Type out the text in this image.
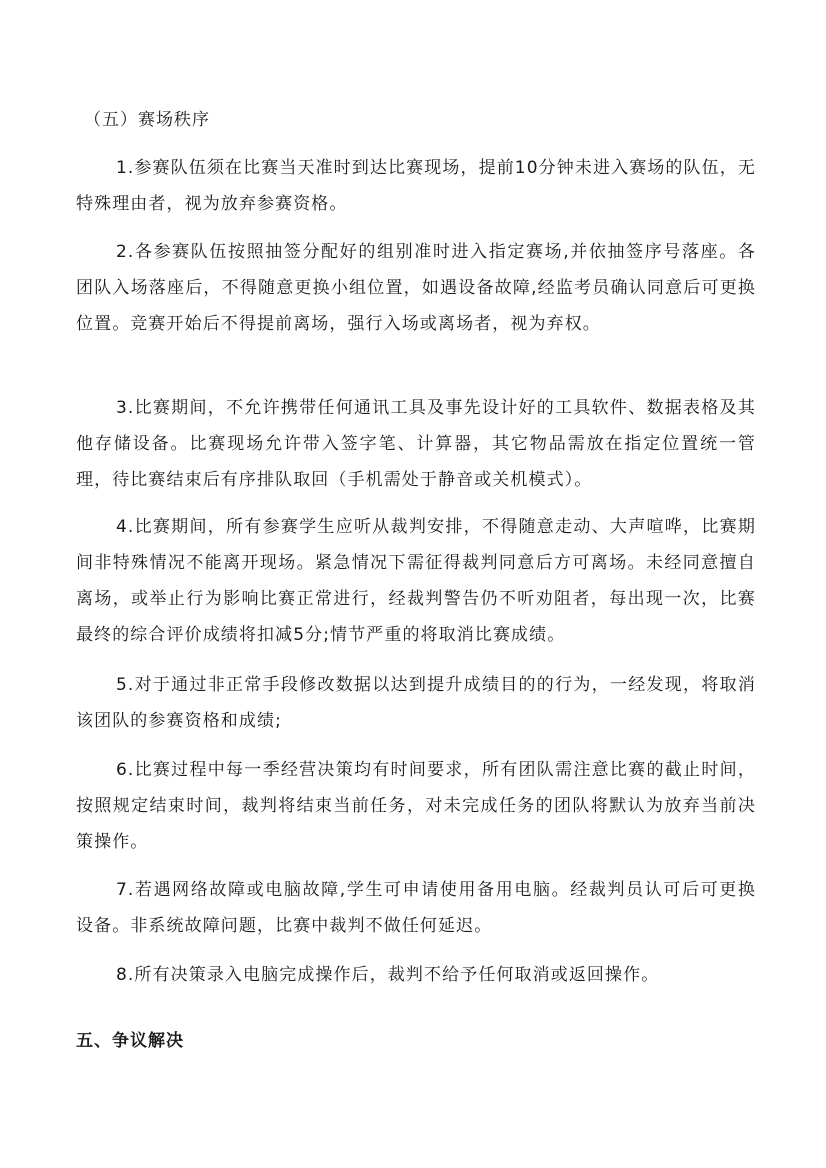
（五）赛场秩序

1.参赛队伍须在比赛当天准时到达比赛现场，提前10分钟未进入赛场的队伍，无特殊理由者，视为放弃参赛资格。

2.各参赛队伍按照抽签分配好的组别准时进入指定赛场,并依抽签序号落座。各团队入场落座后，不得随意更换小组位置，如遇设备故障,经监考员确认同意后可更换位置。竞赛开始后不得提前离场，强行入场或离场者，视为弃权。

3.比赛期间，不允许携带任何通讯工具及事先设计好的工具软件、数据表格及其他存储设备。比赛现场允许带入签字笔、计算器，其它物品需放在指定位置统一管理，待比赛结束后有序排队取回（手机需处于静音或关机模式）。

4.比赛期间，所有参赛学生应听从裁判安排，不得随意走动、大声喧哗，比赛期间非特殊情况不能离开现场。紧急情况下需征得裁判同意后方可离场。未经同意擅自离场，或举止行为影响比赛正常进行，经裁判警告仍不听劝阻者，每出现一次，比赛最终的综合评价成绩将扣减5分;情节严重的将取消比赛成绩。

5.对于通过非正常手段修改数据以达到提升成绩目的的行为，一经发现，将取消该团队的参赛资格和成绩;

6.比赛过程中每一季经营决策均有时间要求，所有团队需注意比赛的截止时间，按照规定结束时间，裁判将结束当前任务，对未完成任务的团队将默认为放弃当前决策操作。

7.若遇网络故障或电脑故障,学生可申请使用备用电脑。经裁判员认可后可更换设备。非系统故障问题，比赛中裁判不做任何延迟。

8.所有决策录入电脑完成操作后，裁判不给予任何取消或返回操作。

五、争议解决
